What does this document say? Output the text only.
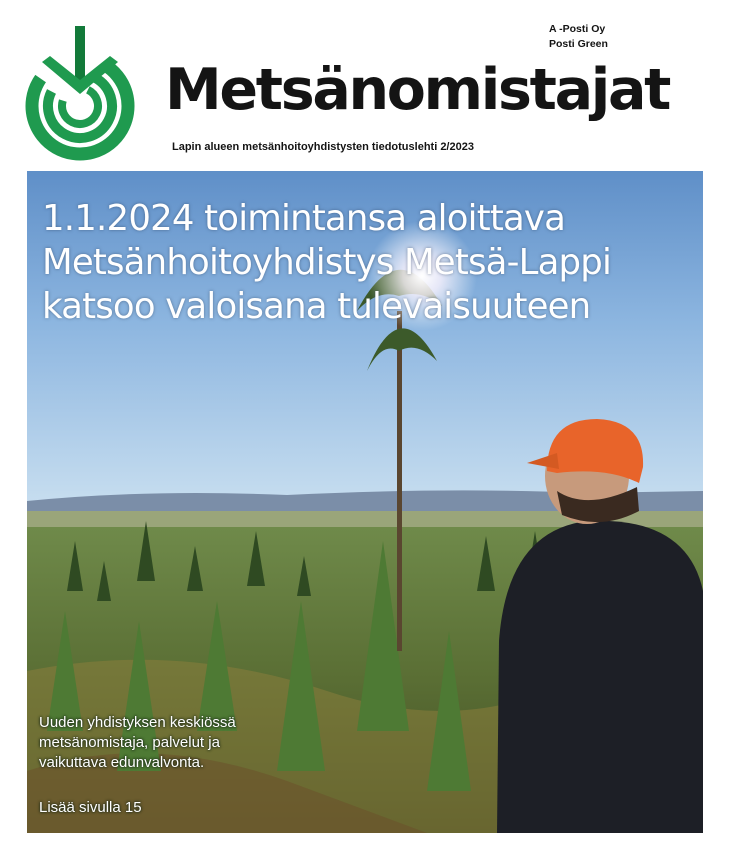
Metsänomistajat
Lapin alueen metsänhoitoyhdistysten tiedotuslehti 2/2023
A -Posti Oy
Posti Green
1.1.2024 toimintansa aloittava
Metsänhoitoyhdistys Metsä-Lappi
katsoo valoisana tulevaisuuteen
Uuden yhdistyksen keskiössä
metsänomistaja, palvelut ja
vaikuttava edunvalvonta.
Lisää sivulla 15
